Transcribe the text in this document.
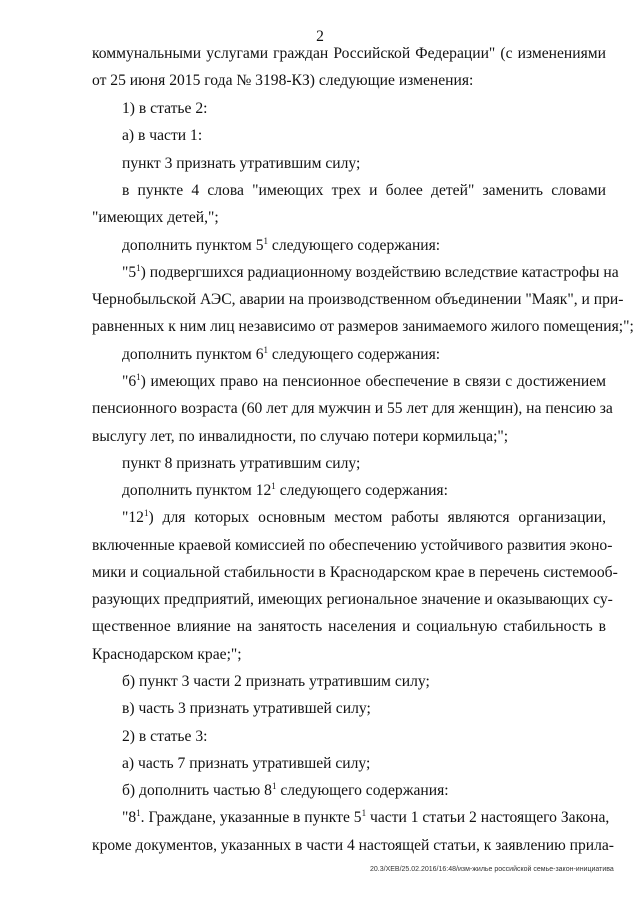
2
коммунальными услугами граждан Российской Федерации" (с изменениями
от 25 июня 2015 года № 3198-КЗ) следующие изменения:
1) в статье 2:
а) в части 1:
пункт 3 признать утратившим силу;
в пункте 4 слова "имеющих трех и более детей" заменить словами
"имеющих детей,";
дополнить пунктом $5^1$ следующего содержания:
"$5^1$) подвергшихся радиационному воздействию вследствие катастрофы на
Чернобыльской АЭС, аварии на производственном объединении "Маяк", и при-
равненных к ним лиц независимо от размеров занимаемого жилого помещения;";
дополнить пунктом $6^1$ следующего содержания:
"$6^1$) имеющих право на пенсионное обеспечение в связи с достижением
пенсионного возраста (60 лет для мужчин и 55 лет для женщин), на пенсию за
выслугу лет, по инвалидности, по случаю потери кормильца;";
пункт 8 признать утратившим силу;
дополнить пунктом $12^1$ следующего содержания:
"$12^1$) для которых основным местом работы являются организации,
включенные краевой комиссией по обеспечению устойчивого развития эконо-
мики и социальной стабильности в Краснодарском крае в перечень системооб-
разующих предприятий, имеющих региональное значение и оказывающих су-
щественное влияние на занятость населения и социальную стабильность в
Краснодарском крае;";
б) пункт 3 части 2 признать утратившим силу;
в) часть 3 признать утратившей силу;
2) в статье 3:
а) часть 7 признать утратившей силу;
б) дополнить частью $8^1$ следующего содержания:
"$8^1$. Граждане, указанные в пункте $5^1$ части 1 статьи 2 настоящего Закона,
кроме документов, указанных в части 4 настоящей статьи, к заявлению прила-
20.3/XEB/25.02.2016/16:48/изм-жилье российской семье-закон-инициатива
